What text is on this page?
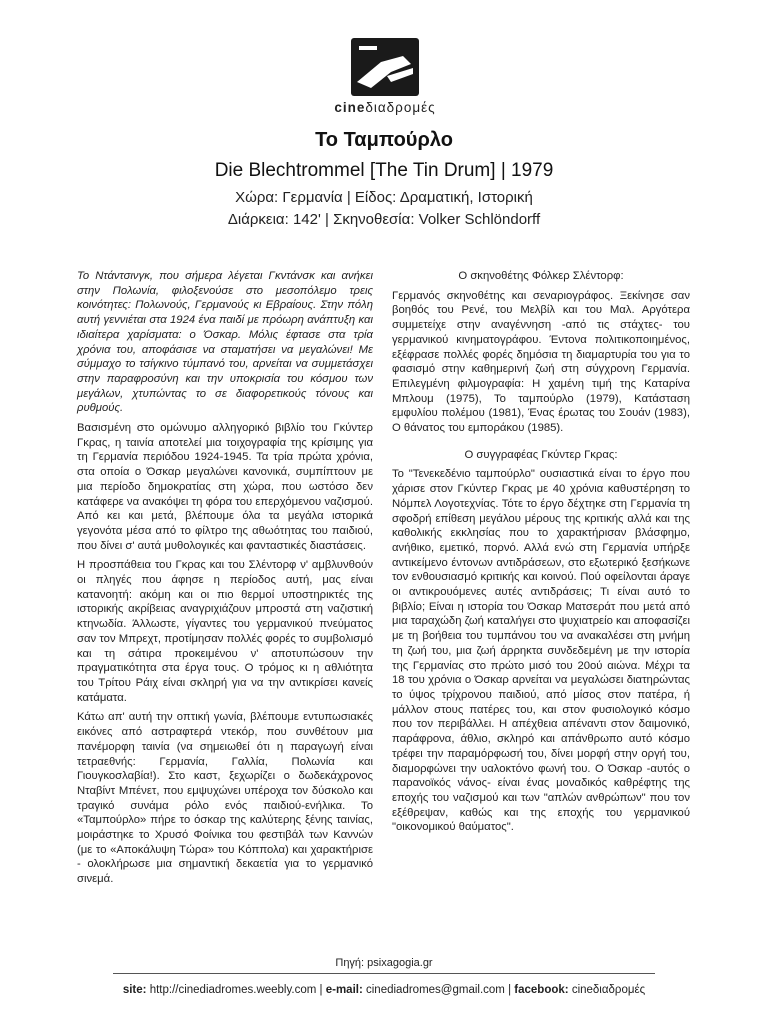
cineδιαδρομές
Το Ταμπούρλο
Die Blechtrommel [The Tin Drum] | 1979
Χώρα: Γερμανία | Είδος: Δραματική, Ιστορική
Διάρκεια: 142' | Σκηνοθεσία: Volker Schlöndorff

Το Ντάντσινγκ, που σήμερα λέγεται Γκντάνσκ και ανήκει στην Πολωνία, φιλοξενούσε στο μεσοπόλεμο τρεις κοινότητες: Πολωνούς, Γερμανούς κι Εβραίους. Στην πόλη αυτή γεννιέται στα 1924 ένα παιδί με πρόωρη ανάπτυξη και ιδιαίτερα χαρίσματα: ο Όσκαρ. Μόλις έφτασε στα τρία χρόνια του, αποφάσισε να σταματήσει να μεγαλώνει! Με σύμμαχο το τσίγκινο τύμπανό του, αρνείται να συμμετάσχει στην παραφροσύνη και την υποκρισία του κόσμου των μεγάλων, χτυπώντας το σε διαφορετικούς τόνους και ρυθμούς.

Βασισμένη στο ομώνυμο αλληγορικό βιβλίο του Γκύντερ Γκρας, η ταινία αποτελεί μια τοιχογραφία της κρίσιμης για τη Γερμανία περιόδου 1924-1945. Τα τρία πρώτα χρόνια, στα οποία ο Όσκαρ μεγαλώνει κανονικά, συμπίπτουν με μια περίοδο δημοκρατίας στη χώρα, που ωστόσο δεν κατάφερε να ανακόψει τη φόρα του επερχόμενου ναζισμού. Από κει και μετά, βλέπουμε όλα τα μεγάλα ιστορικά γεγονότα μέσα από το φίλτρο της αθωότητας του παιδιού, που δίνει σ' αυτά μυθολογικές και φανταστικές διαστάσεις.

Η προσπάθεια του Γκρας και του Σλέντορφ ν' αμβλυνθούν οι πληγές που άφησε η περίοδος αυτή, μας είναι κατανοητή: ακόμη και οι πιο θερμοί υποστηρικτές της ιστορικής ακρίβειας αναγριχιάζουν μπροστά στη ναζιστική κτηνωδία. Άλλωστε, γίγαντες του γερμανικού πνεύματος σαν τον Μπρεχτ, προτίμησαν πολλές φορές το συμβολισμό και τη σάτιρα προκειμένου ν' αποτυπώσουν την πραγματικότητα στα έργα τους. Ο τρόμος κι η αθλιότητα του Τρίτου Ράιχ είναι σκληρή για να την αντικρίσει κανείς κατάματα.

Κάτω απ' αυτή την οπτική γωνία, βλέπουμε εντυπωσιακές εικόνες από αστραφτερά ντεκόρ, που συνθέτουν μια πανέμορφη ταινία (να σημειωθεί ότι η παραγωγή είναι τετραεθνής: Γερμανία, Γαλλία, Πολωνία και Γιουγκοσλαβία!). Στο καστ, ξεχωρίζει ο δωδεκάχρονος Νταβίντ Μπένετ, που εμψυχώνει υπέροχα τον δύσκολο και τραγικό συνάμα ρόλο ενός παιδιού-ενήλικα. Το «Ταμπούρλο» πήρε το όσκαρ της καλύτερης ξένης ταινίας, μοιράστηκε το Χρυσό Φοίνικα του φεστιβάλ των Καννών (με το «Αποκάλυψη Τώρα» του Κόππολα) και χαρακτήρισε - ολοκλήρωσε μια σημαντική δεκαετία για το γερμανικό σινεμά.

Ο σκηνοθέτης Φόλκερ Σλέντορφ:

Γερμανός σκηνοθέτης και σεναριογράφος. Ξεκίνησε σαν βοηθός του Ρενέ, του Μελβίλ και του Μαλ. Αργότερα συμμετείχε στην αναγέννηση -από τις στάχτες- του γερμανικού κινηματογράφου. Έντονα πολιτικοποιημένος, εξέφρασε πολλές φορές δημόσια τη διαμαρτυρία του για το φασισμό στην καθημερινή ζωή στη σύγχρονη Γερμανία. Επιλεγμένη φιλμογραφία: Η χαμένη τιμή της Καταρίνα Μπλουμ (1975), Το ταμπούρλο (1979), Κατάσταση εμφυλίου πολέμου (1981), Ένας έρωτας του Σουάν (1983), Ο θάνατος του εμποράκου (1985).

Ο συγγραφέας Γκύντερ Γκρας:

Το "Τενεκεδένιο ταμπούρλο" ουσιαστικά είναι το έργο που χάρισε στον Γκύντερ Γκρας με 40 χρόνια καθυστέρηση το Νόμπελ Λογοτεχνίας. Τότε το έργο δέχτηκε στη Γερμανία τη σφοδρή επίθεση μεγάλου μέρους της κριτικής αλλά και της καθολικής εκκλησίας που το χαρακτήρισαν βλάσφημο, ανήθικο, εμετικό, πορνό. Αλλά ενώ στη Γερμανία υπήρξε αντικείμενο έντονων αντιδράσεων, στο εξωτερικό ξεσήκωνε τον ενθουσιασμό κριτικής και κοινού. Πού οφείλονται άραγε οι αντικρουόμενες αυτές αντιδράσεις; Τι είναι αυτό το βιβλίο; Είναι η ιστορία του Όσκαρ Ματσεράτ που μετά από μια ταραχώδη ζωή καταλήγει στο ψυχιατρείο και αποφασίζει με τη βοήθεια του τυμπάνου του να ανακαλέσει στη μνήμη τη ζωή του, μια ζωή άρρηκτα συνδεδεμένη με την ιστορία της Γερμανίας στο πρώτο μισό του 20ού αιώνα. Μέχρι τα 18 του χρόνια ο Όσκαρ αρνείται να μεγαλώσει διατηρώντας το ύψος τρίχρονου παιδιού, από μίσος στον πατέρα, ή μάλλον στους πατέρες του, και στον φυσιολογικό κόσμο που τον περιβάλλει. Η απέχθεια απέναντι στον δαιμονικό, παράφρονα, άθλιο, σκληρό και απάνθρωπο αυτό κόσμο τρέφει την παραμόρφωσή του, δίνει μορφή στην οργή του, διαμορφώνει την υαλοκτόνο φωνή του. Ο Όσκαρ -αυτός ο παρανοϊκός νάνος- είναι ένας μοναδικός καθρέφτης της εποχής του ναζισμού και των "απλών ανθρώπων" που τον εξέθρεψαν, καθώς και της εποχής του γερμανικού "οικονομικού θαύματος".

Πηγή: psixagogia.gr
site: http://cinediadromes.weebly.com | e-mail: cinediadromes@gmail.com | facebook: cineδιαδρομές
